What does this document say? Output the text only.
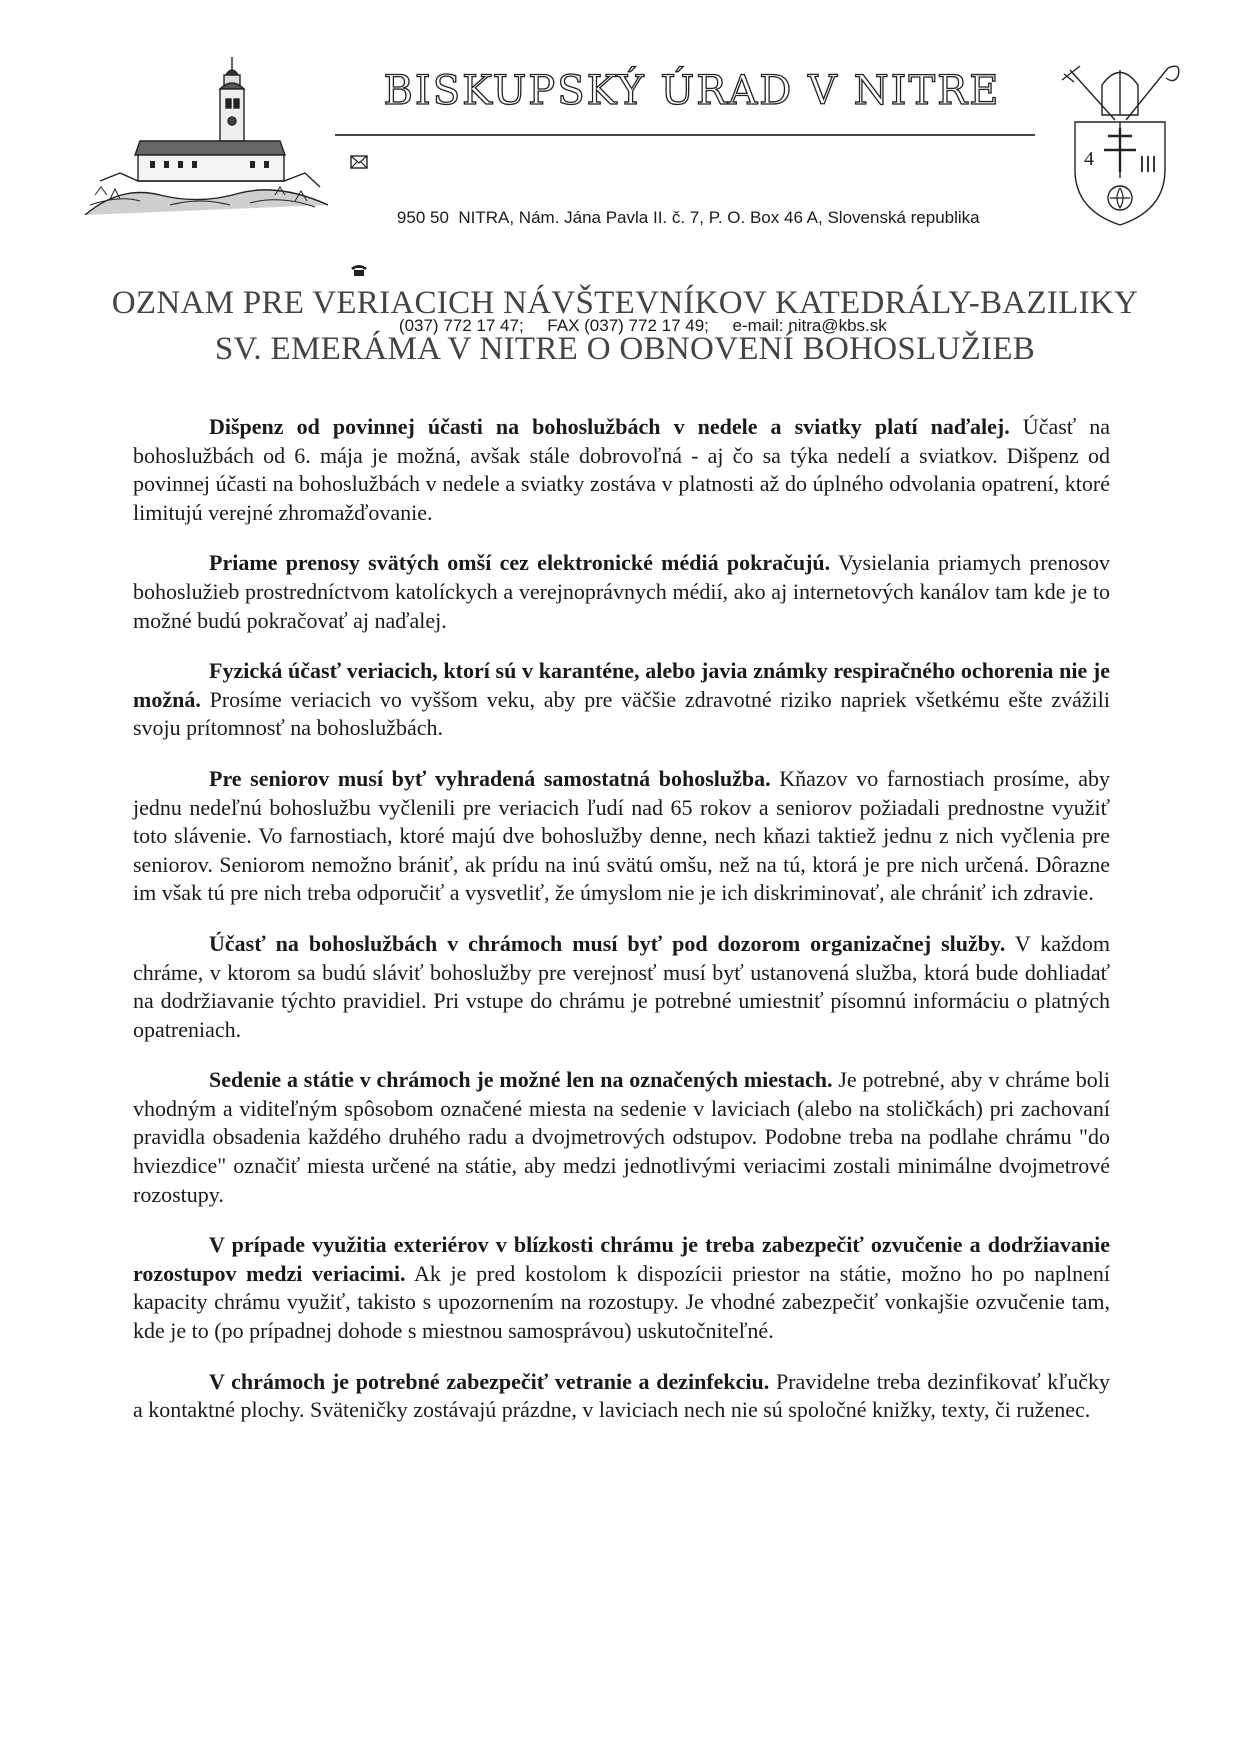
BISKUPSKÝ ÚRAD V NITRE

950 50  NITRA, Nám. Jána Pavla II. č. 7, P. O. Box 46 A, Slovenská republika

(037) 772 17 47;     FAX (037) 772 17 49;     e-mail: nitra@kbs.sk

4
OZNAM PRE VERIACICH NÁVŠTEVNÍKOV KATEDRÁLY-BAZILIKY
SV. EMERÁMA V NITRE O OBNOVENÍ BOHOSLUŽIEB

Dišpenz od povinnej účasti na bohoslužbách v nedele a sviatky platí naďalej. Účasť na bohoslužbách od 6. mája je možná, avšak stále dobrovoľná - aj čo sa týka nedelí a sviatkov. Dišpenz od povinnej účasti na bohoslužbách v nedele a sviatky zostáva v platnosti až do úplného odvolania opatrení, ktoré limitujú verejné zhromažďovanie.

Priame prenosy svätých omší cez elektronické médiá pokračujú. Vysielania priamych prenosov bohoslužieb prostredníctvom katolíckych a verejnoprávnych médií, ako aj internetových kanálov tam kde je to možné budú pokračovať aj naďalej.

Fyzická účasť veriacich, ktorí sú v karanténe, alebo javia známky respiračného ochorenia nie je možná. Prosíme veriacich vo vyššom veku, aby pre väčšie zdravotné riziko napriek všetkému ešte zvážili svoju prítomnosť na bohoslužbách.

Pre seniorov musí byť vyhradená samostatná bohoslužba. Kňazov vo farnostiach prosíme, aby jednu nedeľnú bohoslužbu vyčlenili pre veriacich ľudí nad 65 rokov a seniorov požiadali prednostne využiť toto slávenie. Vo farnostiach, ktoré majú dve bohoslužby denne, nech kňazi taktiež jednu z nich vyčlenia pre seniorov. Seniorom nemožno brániť, ak prídu na inú svätú omšu, než na tú, ktorá je pre nich určená. Dôrazne im však tú pre nich treba odporučiť a vysvetliť, že úmyslom nie je ich diskriminovať, ale chrániť ich zdravie.

Účasť na bohoslužbách v chrámoch musí byť pod dozorom organizačnej služby. V každom chráme, v ktorom sa budú sláviť bohoslužby pre verejnosť musí byť ustanovená služba, ktorá bude dohliadať na dodržiavanie týchto pravidiel. Pri vstupe do chrámu je potrebné umiestniť písomnú informáciu o platných opatreniach.

Sedenie a státie v chrámoch je možné len na označených miestach. Je potrebné, aby v chráme boli vhodným a viditeľným spôsobom označené miesta na sedenie v laviciach (alebo na stoličkách) pri zachovaní pravidla obsadenia každého druhého radu a dvojmetrových odstupov. Podobne treba na podlahe chrámu "do hviezdice" označiť miesta určené na státie, aby medzi jednotlivými veriacimi zostali minimálne dvojmetrové rozostupy.

V prípade využitia exteriérov v blízkosti chrámu je treba zabezpečiť ozvučenie a dodržiavanie rozostupov medzi veriacimi. Ak je pred kostolom k dispozícii priestor na státie, možno ho po naplnení kapacity chrámu využiť, takisto s upozornením na rozostupy. Je vhodné zabezpečiť vonkajšie ozvučenie tam, kde je to (po prípadnej dohode s miestnou samosprávou) uskutočniteľné.

V chrámoch je potrebné zabezpečiť vetranie a dezinfekciu. Pravidelne treba dezinfikovať kľučky a kontaktné plochy. Sväteničky zostávajú prázdne, v laviciach nech nie sú spoločné knižky, texty, či ruženec.
